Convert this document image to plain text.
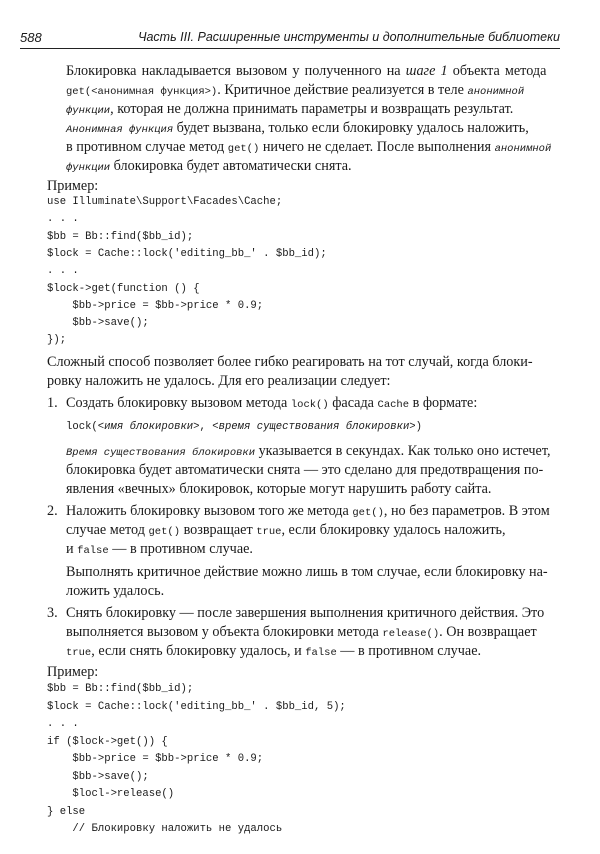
588	Часть III. Расширенные инструменты и дополнительные библиотеки
Блокировка накладывается вызовом у полученного на шаге 1 объекта метода
get(<анонимная функция>). Критичное действие реализуется в теле анонимной
функции, которая не должна принимать параметры и возвращать результат.
Анонимная функция будет вызвана, только если блокировку удалось наложить,
в противном случае метод get() ничего не сделает. После выполнения анонимной
функции блокировка будет автоматически снята.
Пример:
use Illuminate\Support\Facades\Cache;
. . .
$bb = Bb::find($bb_id);
$lock = Cache::lock('editing_bb_' . $bb_id);
. . .
$lock->get(function () {
$bb->price = $bb->price * 0.9;
$bb->save();
});
Сложный способ позволяет более гибко реагировать на тот случай, когда блоки-
ровку наложить не удалось. Для его реализации следует:
1. Создать блокировку вызовом метода lock() фасада Cache в формате:
lock(<имя блокировки>, <время существования блокировки>)
Время существования блокировки указывается в секундах. Как только оно истечет,
блокировка будет автоматически снята — это сделано для предотвращения по-
явления «вечных» блокировок, которые могут нарушить работу сайта.
2. Наложить блокировку вызовом того же метода get(), но без параметров. В этом
случае метод get() возвращает true, если блокировку удалось наложить,
и false — в противном случае.
Выполнять критичное действие можно лишь в том случае, если блокировку на-
ложить удалось.
3. Снять блокировку — после завершения выполнения критичного действия. Это
выполняется вызовом у объекта блокировки метода release(). Он возвращает
true, если снять блокировку удалось, и false — в противном случае.
Пример:
$bb = Bb::find($bb_id);
$lock = Cache::lock('editing_bb_' . $bb_id, 5);
. . .
if ($lock->get()) {
$bb->price = $bb->price * 0.9;
$bb->save();
$locl->release()
} else
// Блокировку наложить не удалось
